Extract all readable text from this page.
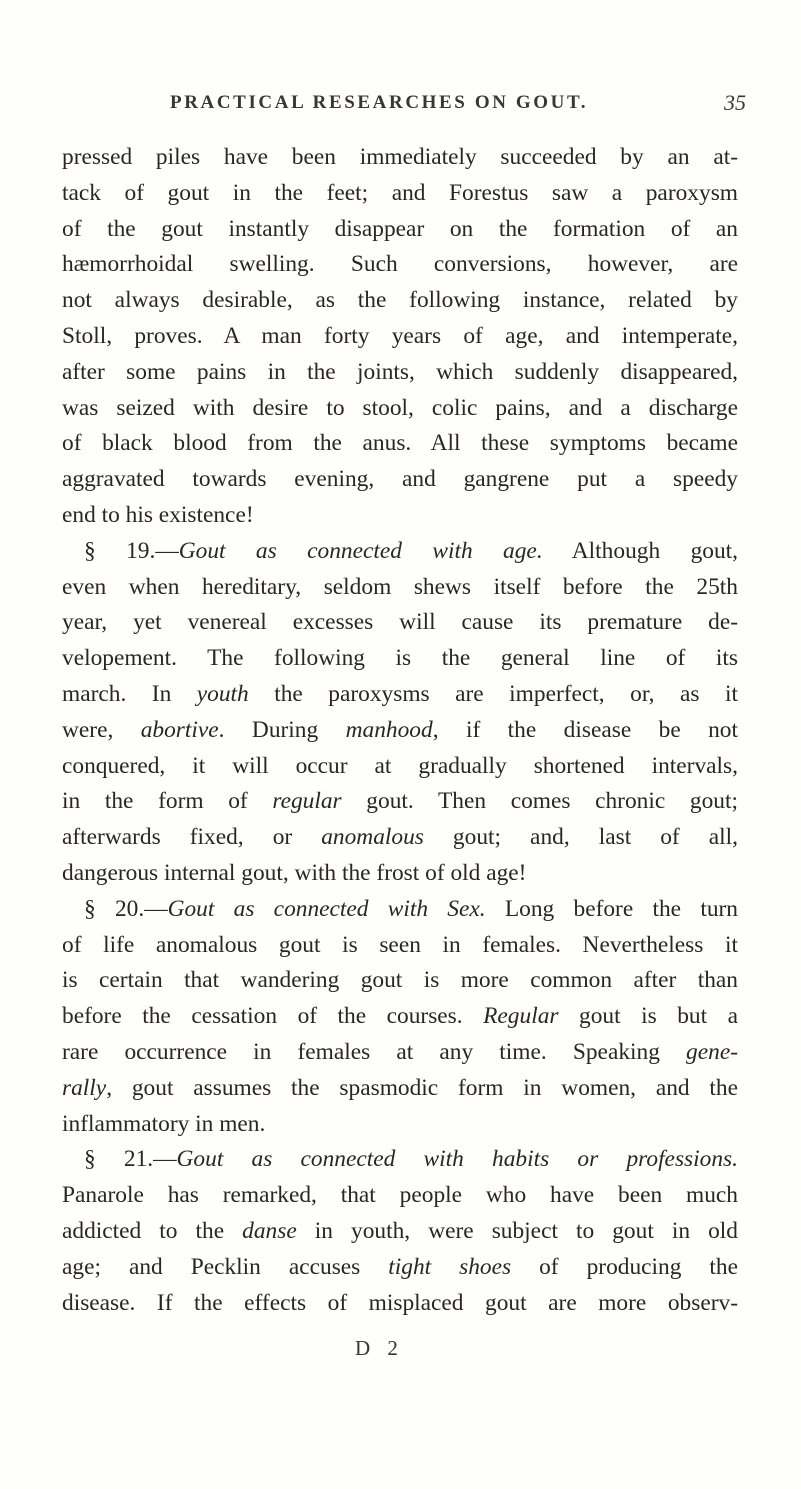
PRACTICAL RESEARCHES ON GOUT.	35
pressed piles have been immediately succeeded by an at-
tack of gout in the feet; and Forestus saw a paroxysm
of the gout instantly disappear on the formation of an
hæmorrhoidal swelling. Such conversions, however, are
not always desirable, as the following instance, related by
Stoll, proves. A man forty years of age, and intemperate,
after some pains in the joints, which suddenly disappeared,
was seized with desire to stool, colic pains, and a discharge
of black blood from the anus. All these symptoms became
aggravated towards evening, and gangrene put a speedy
end to his existence!
§ 19.—Gout as connected with age. Although gout,
even when hereditary, seldom shews itself before the 25th
year, yet venereal excesses will cause its premature de-
velopement. The following is the general line of its
march. In youth the paroxysms are imperfect, or, as it
were, abortive. During manhood, if the disease be not
conquered, it will occur at gradually shortened intervals,
in the form of regular gout. Then comes chronic gout;
afterwards fixed, or anomalous gout; and, last of all,
dangerous internal gout, with the frost of old age!
§ 20.—Gout as connected with Sex. Long before the turn
of life anomalous gout is seen in females. Nevertheless it
is certain that wandering gout is more common after than
before the cessation of the courses. Regular gout is but a
rare occurrence in females at any time. Speaking gene-
rally, gout assumes the spasmodic form in women, and the
inflammatory in men.
§ 21.—Gout as connected with habits or professions.
Panarole has remarked, that people who have been much
addicted to the danse in youth, were subject to gout in old
age; and Pecklin accuses tight shoes of producing the
disease. If the effects of misplaced gout are more observ-
D 2
